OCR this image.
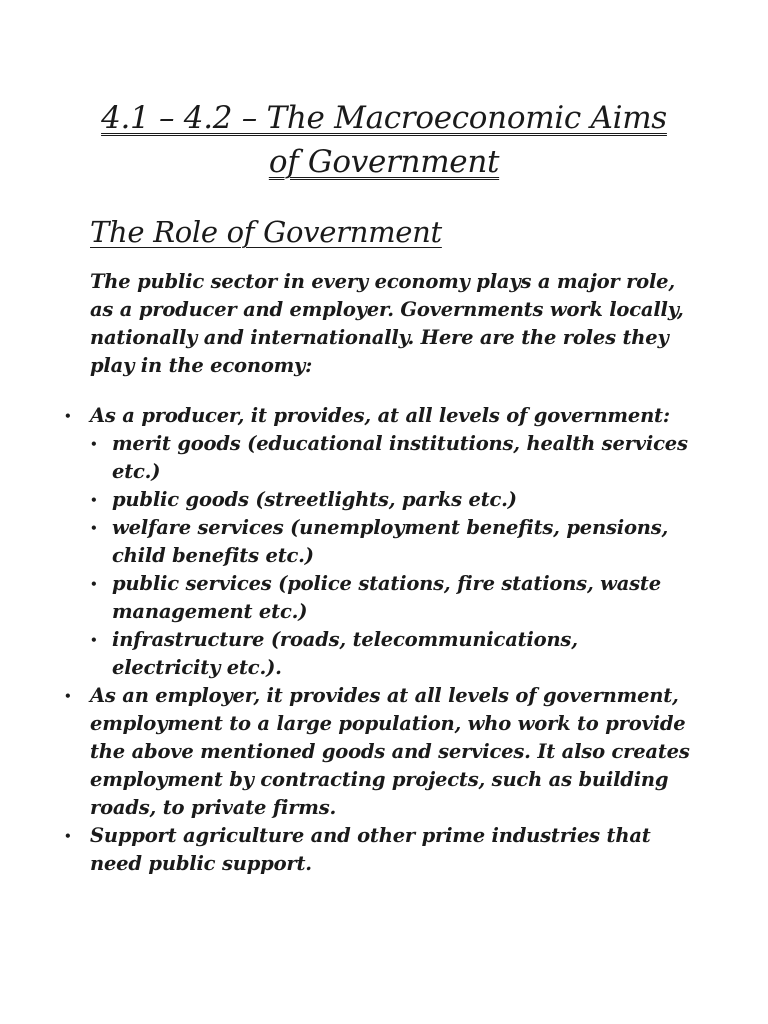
4.1 – 4.2 – The Macroeconomic Aims
of Government
The Role of Government

The public sector in every economy plays a major role, as a producer and employer. Governments work locally, nationally and internationally. Here are the roles they play in the economy:

• As a producer, it provides, at all levels of government:
• merit goods (educational institutions, health services etc.)
• public goods (streetlights, parks etc.)
• welfare services (unemployment benefits, pensions, child benefits etc.)
• public services (police stations, fire stations, waste management etc.)
• infrastructure (roads, telecommunications, electricity etc.).
• As an employer, it provides at all levels of government, employment to a large population, who work to provide the above mentioned goods and services. It also creates employment by contracting projects, such as building roads, to private firms.
• Support agriculture and other prime industries that need public support.
